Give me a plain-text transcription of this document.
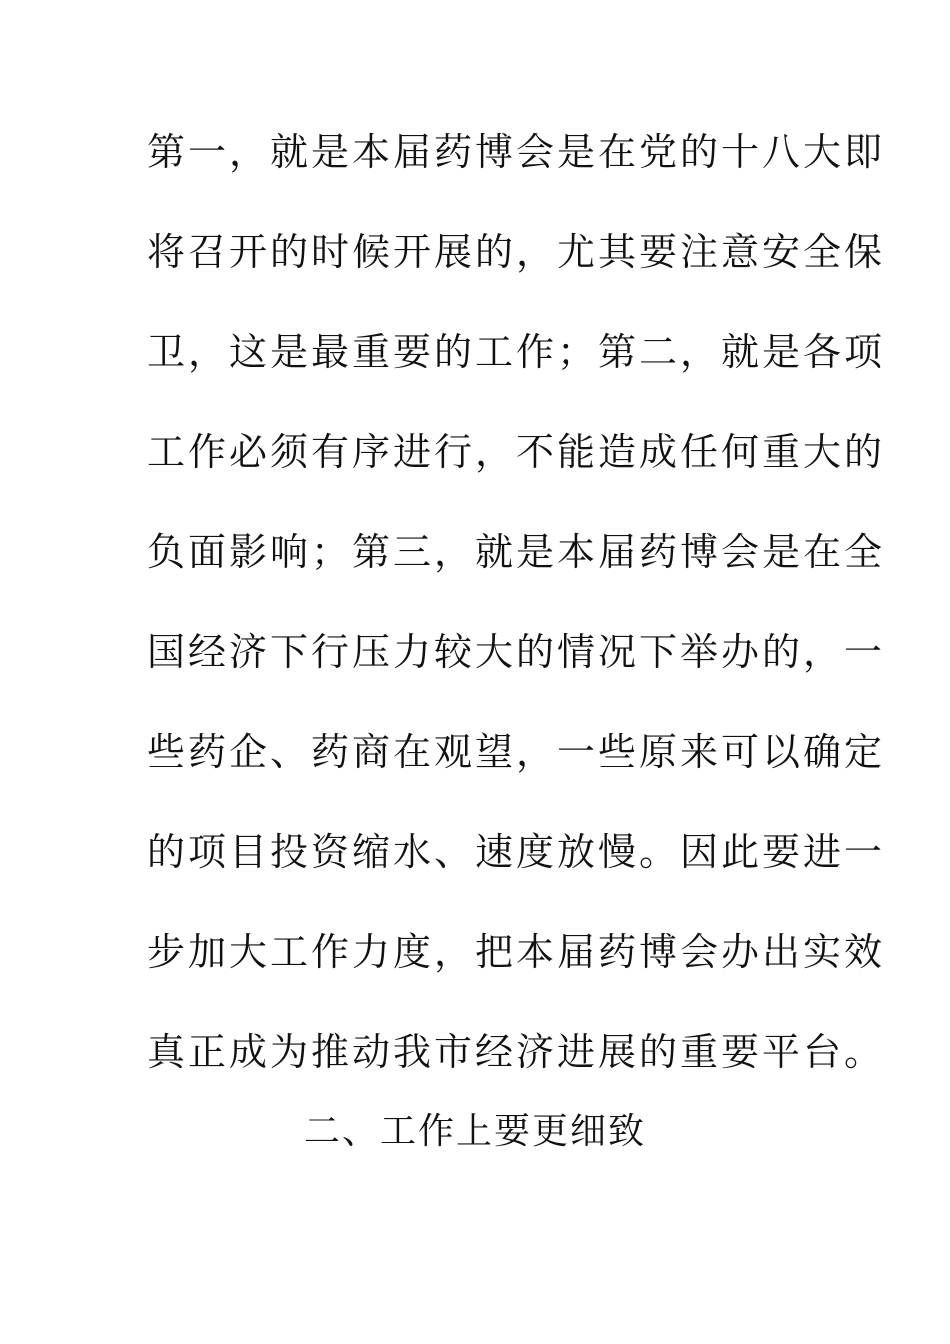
第一，就是本届药博会是在党的十八大即
将召开的时候开展的，尤其要注意安全保
卫，这是最重要的工作；第二，就是各项
工作必须有序进行，不能造成任何重大的
负面影响；第三，就是本届药博会是在全
国经济下行压力较大的情况下举办的，一
些药企、药商在观望，一些原来可以确定
的项目投资缩水、速度放慢。因此要进一
步加大工作力度，把本届药博会办出实效
真正成为推动我市经济进展的重要平台。
二、工作上要更细致
